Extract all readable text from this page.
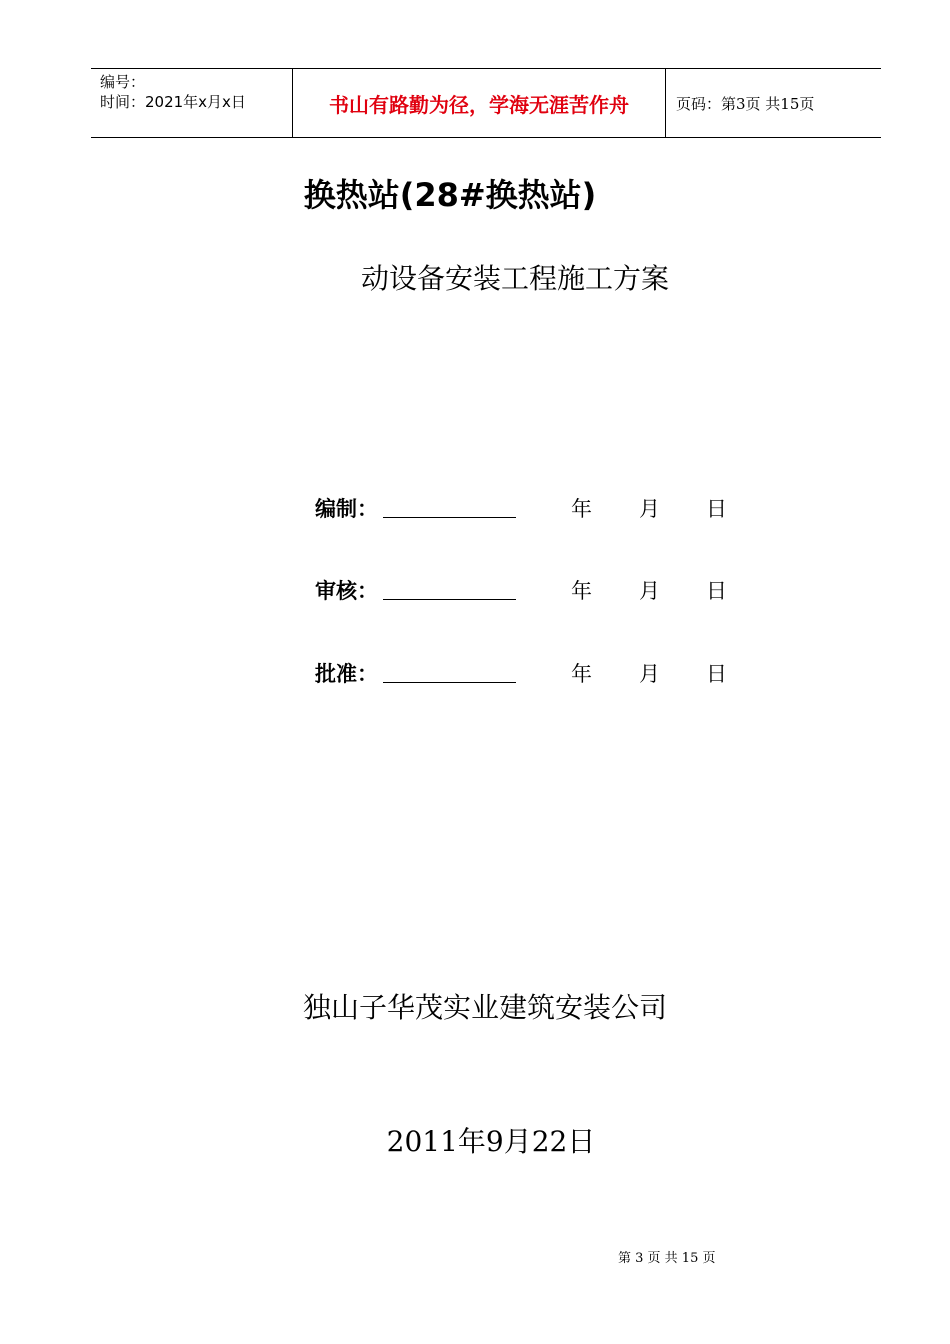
编号：
时间：2021年x月x日	书山有路勤为径，学海无涯苦作舟	页码：第3页 共15页
换热站(28#换热站)
动设备安装工程施工方案
编制：	年 月 日
审核：	年 月 日
批准：	年 月 日
独山子华茂实业建筑安装公司
2011年9月22日
第 3 页 共 15 页
